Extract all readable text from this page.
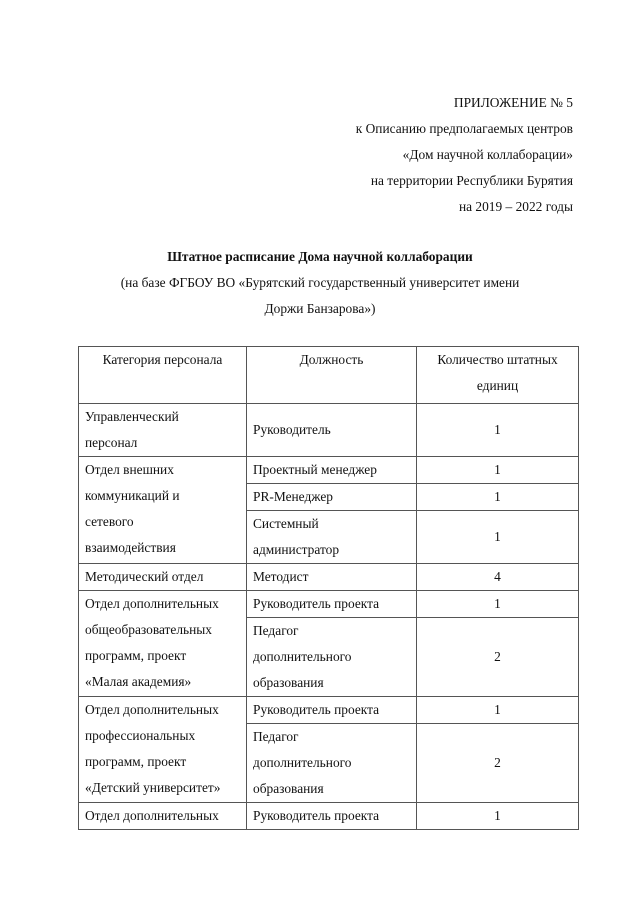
ПРИЛОЖЕНИЕ № 5
к Описанию предполагаемых центров
«Дом научной коллаборации»
на территории Республики Бурятия
на 2019 – 2022 годы
Штатное расписание Дома научной коллаборации
(на базе ФГБОУ ВО «Бурятский государственный университет имени
Доржи Банзарова»)
Категория персонала	Должность	Количество штатных
единиц
Управленческий
персонал	Руководитель	1
Отдел внешних
коммуникаций и
сетевого
взаимодействия	Проектный менеджер	1
	PR-Менеджер	1
	Системный
администратор	1
Методический отдел	Методист	4
Отдел дополнительных
общеобразовательных
программ, проект
«Малая академия»	Руководитель проекта	1
	Педагог
дополнительного
образования	2
Отдел дополнительных
профессиональных
программ, проект
«Детский университет»	Руководитель проекта	1
	Педагог
дополнительного
образования	2
Отдел дополнительных	Руководитель проекта	1
